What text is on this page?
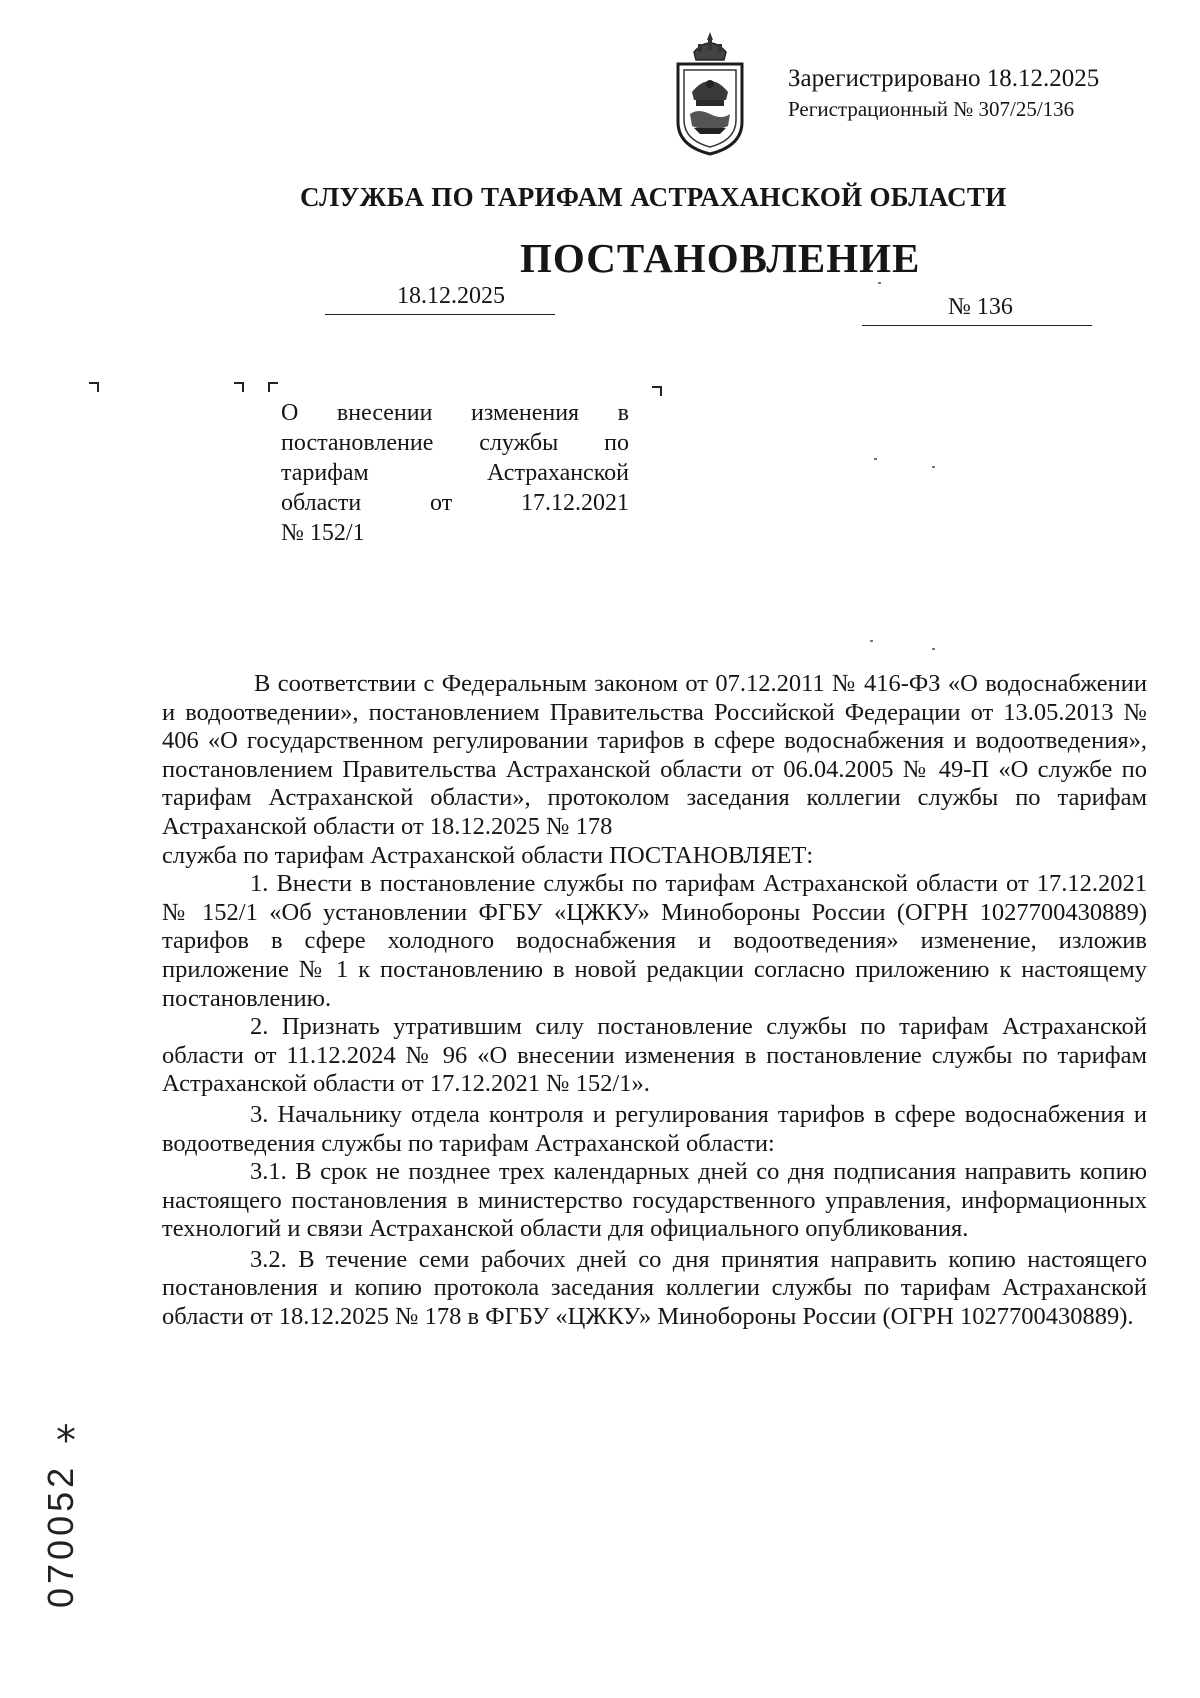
Зарегистрировано 18.12.2025
Регистрационный № 307/25/136
СЛУЖБА ПО ТАРИФАМ АСТРАХАНСКОЙ ОБЛАСТИ
ПОСТАНОВЛЕНИЕ
18.12.2025	№ 136
О внесении изменения в
постановление службы по
тарифам Астраханской
области от 17.12.2021
№ 152/1

В соответствии с Федеральным законом от 07.12.2011 № 416-ФЗ «О водоснабжении и водоотведении», постановлением Правительства Российской Федерации от 13.05.2013 № 406 «О государственном регулировании тарифов в сфере водоснабжения и водоотведения», постановлением Правительства Астраханской области от 06.04.2005 № 49-П «О службе по тарифам Астраханской области», протоколом заседания коллегии службы по тарифам Астраханской области от 18.12.2025 № 178

служба по тарифам Астраханской области ПОСТАНОВЛЯЕТ:

1. Внести в постановление службы по тарифам Астраханской области от 17.12.2021 № 152/1 «Об установлении ФГБУ «ЦЖКУ» Минобороны России (ОГРН 1027700430889) тарифов в сфере холодного водоснабжения и водоотведения» изменение, изложив приложение № 1 к постановлению в новой редакции согласно приложению к настоящему постановлению.

2. Признать утратившим силу постановление службы по тарифам Астраханской области от 11.12.2024 № 96 «О внесении изменения в постановление службы по тарифам Астраханской области от 17.12.2021 № 152/1».

3. Начальнику отдела контроля и регулирования тарифов в сфере водоснабжения и водоотведения службы по тарифам Астраханской области:

3.1. В срок не позднее трех календарных дней со дня подписания направить копию настоящего постановления в министерство государственного управления, информационных технологий и связи Астраханской области для официального опубликования.

3.2. В течение семи рабочих дней со дня принятия направить копию настоящего постановления и копию протокола заседания коллегии службы по тарифам Астраханской области от 18.12.2025 № 178 в ФГБУ «ЦЖКУ» Минобороны России (ОГРН 1027700430889).

*
070052
